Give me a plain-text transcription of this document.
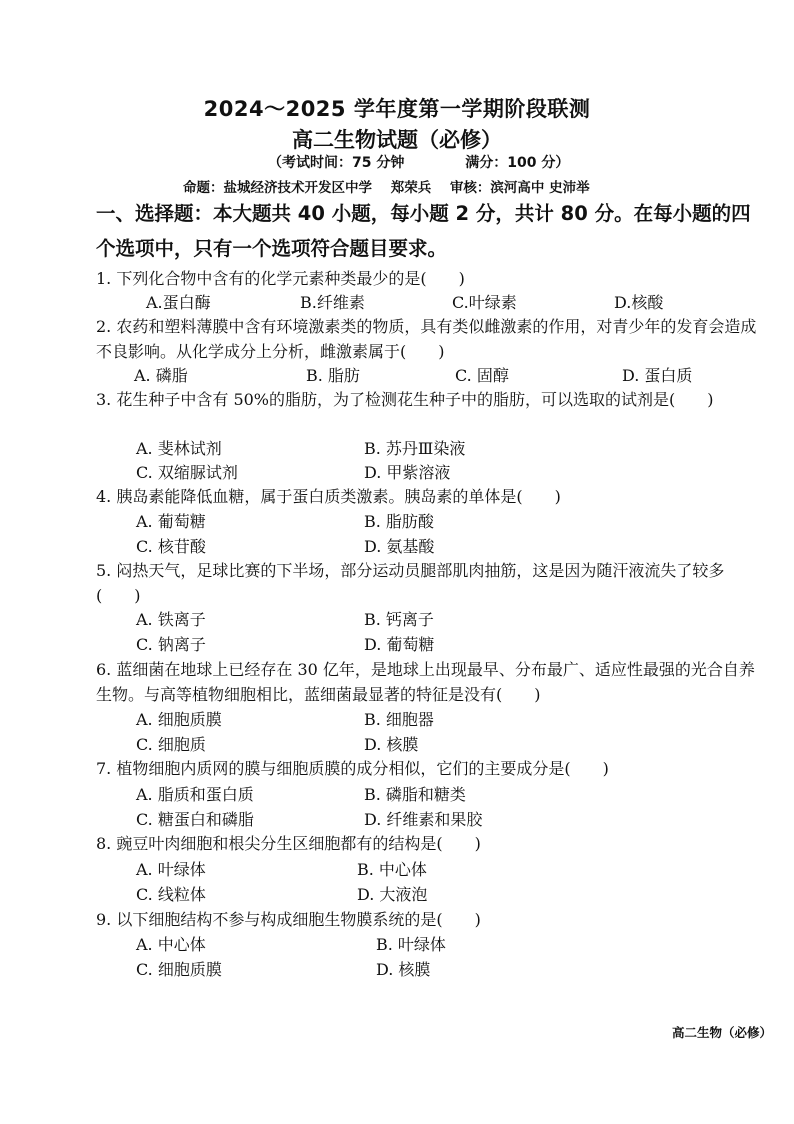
2024～2025 学年度第一学期阶段联测
高二生物试题（必修）
（考试时间：75 分钟	满分：100 分）
命题：盐城经济技术开发区中学 郑荣兵 审核：滨河高中 史沛举
一、选择题：本大题共 40 小题，每小题 2 分，共计 80 分。在每小题的四个选项中，只有一个选项符合题目要求。
1. 下列化合物中含有的化学元素种类最少的是(　　)
A.蛋白酶	B.纤维素	C.叶绿素	D.核酸
2. 农药和塑料薄膜中含有环境激素类的物质，具有类似雌激素的作用，对青少年的发育会造成不良影响。从化学成分上分析，雌激素属于(　　)
A. 磷脂	B. 脂肪	C. 固醇	D. 蛋白质
3. 花生种子中含有 50%的脂肪，为了检测花生种子中的脂肪，可以选取的试剂是(　　)
A. 斐林试剂	B. 苏丹Ⅲ染液
C. 双缩脲试剂	D. 甲紫溶液
4. 胰岛素能降低血糖，属于蛋白质类激素。胰岛素的单体是(　　)
A. 葡萄糖	B. 脂肪酸
C. 核苷酸	D. 氨基酸
5. 闷热天气，足球比赛的下半场，部分运动员腿部肌肉抽筋，这是因为随汗液流失了较多(　　)
A. 铁离子	B. 钙离子
C. 钠离子	D. 葡萄糖
6. 蓝细菌在地球上已经存在 30 亿年，是地球上出现最早、分布最广、适应性最强的光合自养生物。与高等植物细胞相比，蓝细菌最显著的特征是没有(　　)
A. 细胞质膜	B. 细胞器
C. 细胞质	D. 核膜
7. 植物细胞内质网的膜与细胞质膜的成分相似，它们的主要成分是(　　)
A. 脂质和蛋白质	B. 磷脂和糖类
C. 糖蛋白和磷脂	D. 纤维素和果胶
8. 豌豆叶肉细胞和根尖分生区细胞都有的结构是(　　)
A. 叶绿体	B. 中心体
C. 线粒体	D. 大液泡
9. 以下细胞结构不参与构成细胞生物膜系统的是(　　)
A. 中心体	B. 叶绿体
C. 细胞质膜	D. 核膜
高二生物（必修）
